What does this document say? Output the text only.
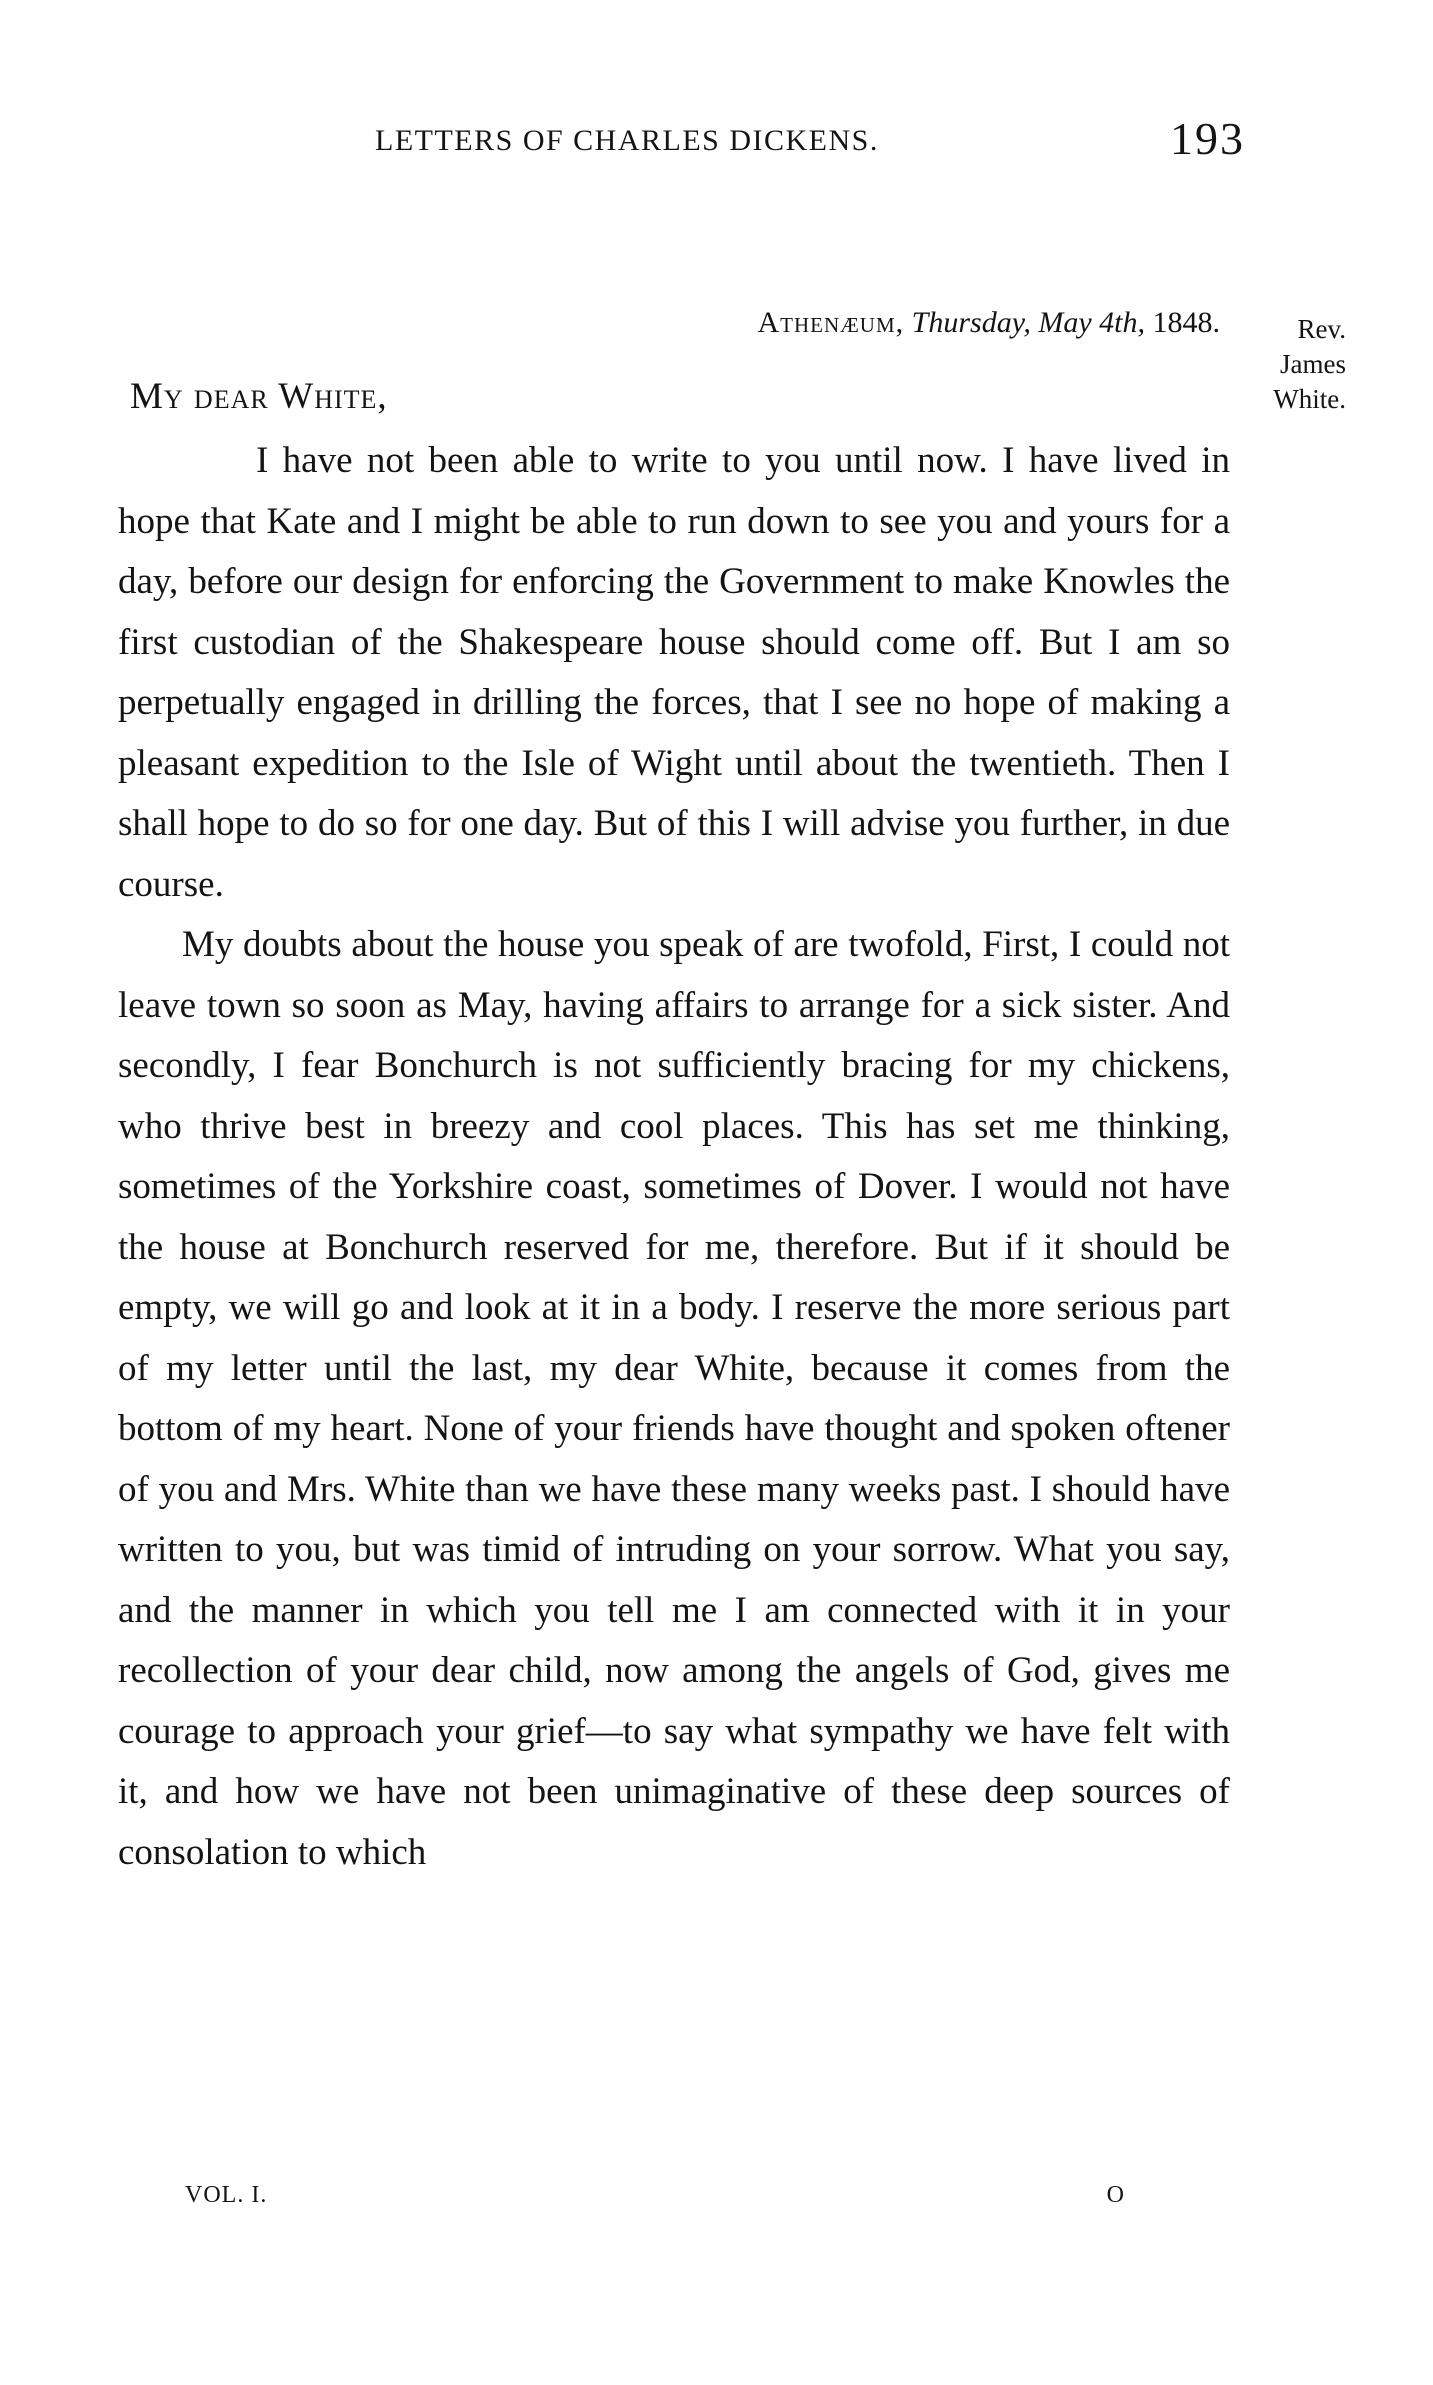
LETTERS OF CHARLES DICKENS.	193
Athenæum, Thursday, May 4th, 1848.	Rev.
James
White.
My dear White,

I have not been able to write to you until now. I have lived in hope that Kate and I might be able to run down to see you and yours for a day, before our design for enforcing the Government to make Knowles the first custodian of the Shakespeare house should come off. But I am so perpetually engaged in drilling the forces, that I see no hope of making a pleasant expedition to the Isle of Wight until about the twentieth. Then I shall hope to do so for one day. But of this I will advise you further, in due course.

My doubts about the house you speak of are twofold, First, I could not leave town so soon as May, having affairs to arrange for a sick sister. And secondly, I fear Bonchurch is not sufficiently bracing for my chickens, who thrive best in breezy and cool places. This has set me thinking, sometimes of the Yorkshire coast, sometimes of Dover. I would not have the house at Bonchurch reserved for me, therefore. But if it should be empty, we will go and look at it in a body. I reserve the more serious part of my letter until the last, my dear White, because it comes from the bottom of my heart. None of your friends have thought and spoken oftener of you and Mrs. White than we have these many weeks past. I should have written to you, but was timid of intruding on your sorrow. What you say, and the manner in which you tell me I am connected with it in your recollection of your dear child, now among the angels of God, gives me courage to approach your grief—to say what sympathy we have felt with it, and how we have not been unimaginative of these deep sources of consolation to which

VOL. I.	O
